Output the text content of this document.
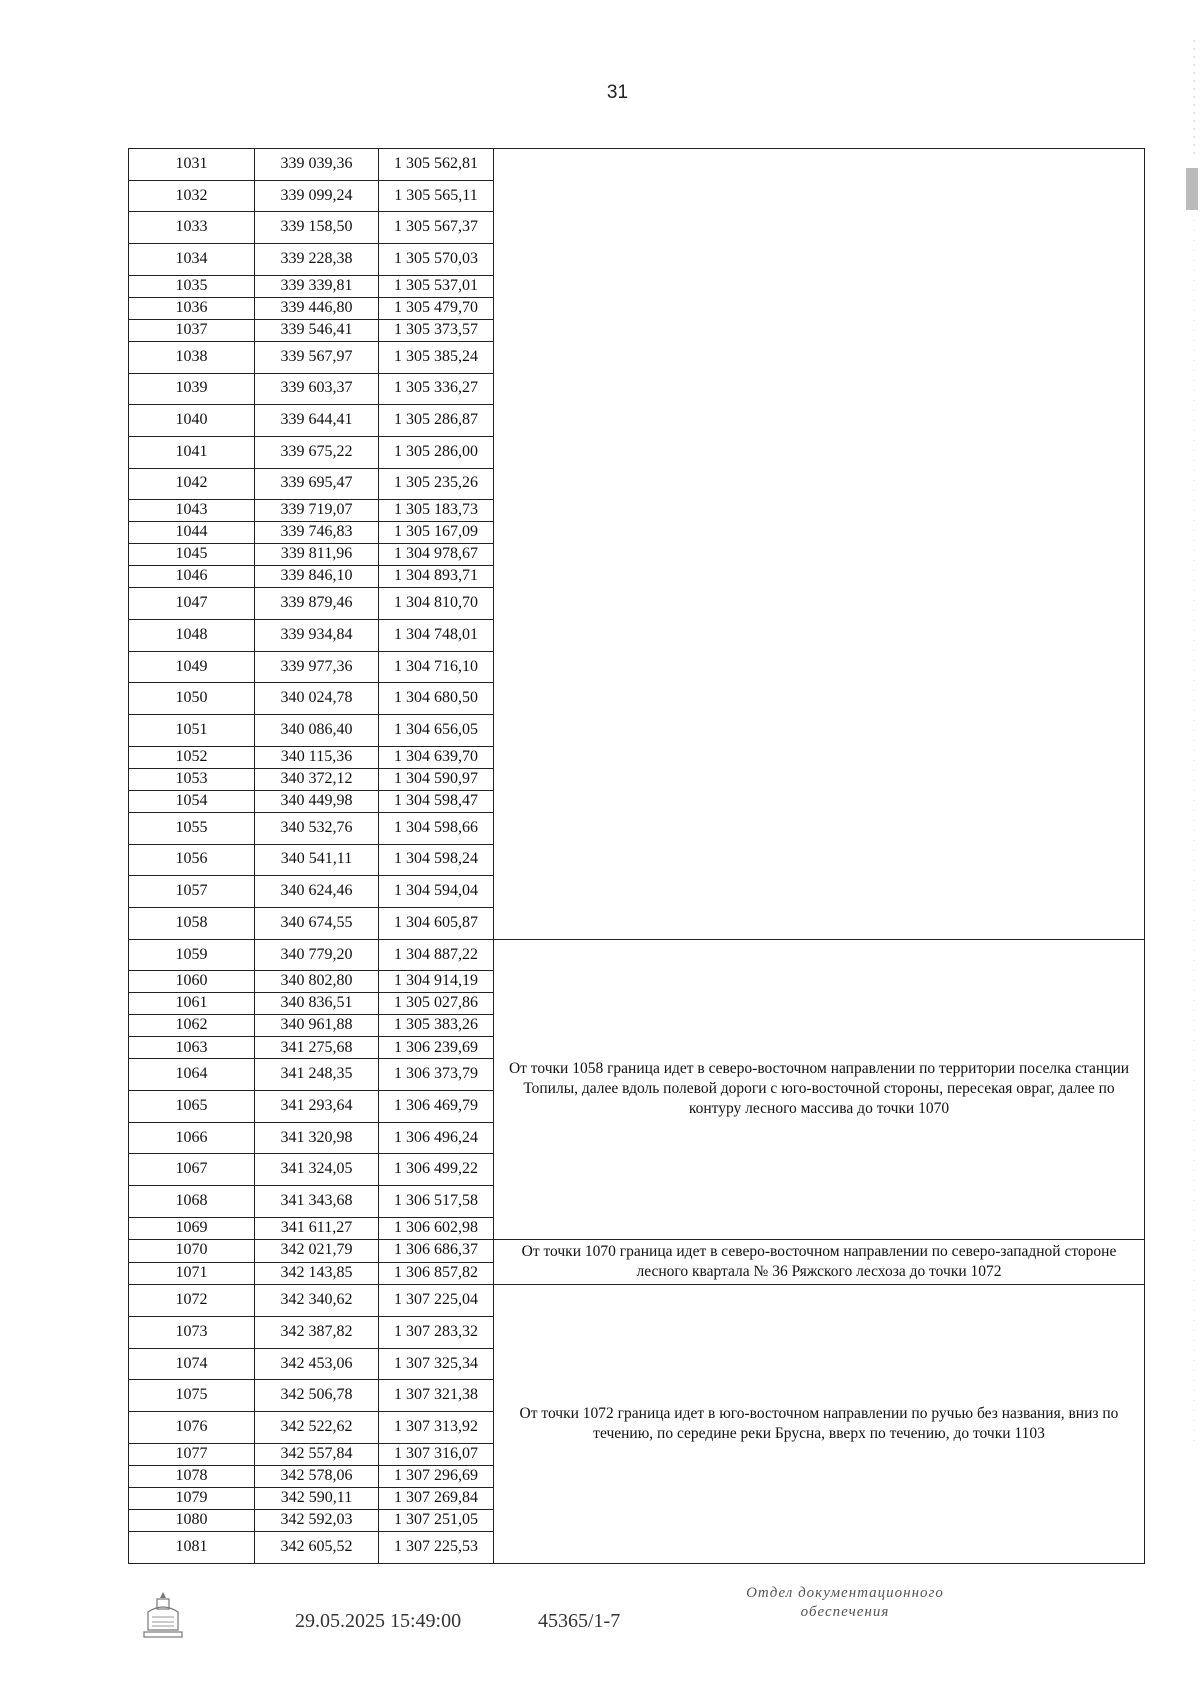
31
1031	339 039,36	1 305 562,81	
1032	339 099,24	1 305 565,11	
1033	339 158,50	1 305 567,37	
1034	339 228,38	1 305 570,03	
1035	339 339,81	1 305 537,01	
1036	339 446,80	1 305 479,70	
1037	339 546,41	1 305 373,57	
1038	339 567,97	1 305 385,24	
1039	339 603,37	1 305 336,27	
1040	339 644,41	1 305 286,87	
1041	339 675,22	1 305 286,00	
1042	339 695,47	1 305 235,26	
1043	339 719,07	1 305 183,73	
1044	339 746,83	1 305 167,09	
1045	339 811,96	1 304 978,67	
1046	339 846,10	1 304 893,71	
1047	339 879,46	1 304 810,70	
1048	339 934,84	1 304 748,01	
1049	339 977,36	1 304 716,10	
1050	340 024,78	1 304 680,50	
1051	340 086,40	1 304 656,05	
1052	340 115,36	1 304 639,70	
1053	340 372,12	1 304 590,97	
1054	340 449,98	1 304 598,47	
1055	340 532,76	1 304 598,66	
1056	340 541,11	1 304 598,24	
1057	340 624,46	1 304 594,04	
1058	340 674,55	1 304 605,87	
1059	340 779,20	1 304 887,22	От точки 1058 граница идет в северо-восточном направлении по территории поселка станции Топилы, далее вдоль полевой дороги с юго-восточной стороны, пересекая овраг, далее по контуру лесного массива до точки 1070
1060	340 802,80	1 304 914,19	
1061	340 836,51	1 305 027,86	
1062	340 961,88	1 305 383,26	
1063	341 275,68	1 306 239,69	
1064	341 248,35	1 306 373,79	
1065	341 293,64	1 306 469,79	
1066	341 320,98	1 306 496,24	
1067	341 324,05	1 306 499,22	
1068	341 343,68	1 306 517,58	
1069	341 611,27	1 306 602,98	
1070	342 021,79	1 306 686,37	От точки 1070 граница идет в северо-восточном направлении по северо-западной стороне лесного квартала № 36 Ряжского лесхоза до точки 1072
1071	342 143,85	1 306 857,82	
1072	342 340,62	1 307 225,04	От точки 1072 граница идет в юго-восточном направлении по ручью без названия, вниз по течению, по середине реки Бруcна, вверх по течению, до точки 1103
1073	342 387,82	1 307 283,32	
1074	342 453,06	1 307 325,34	
1075	342 506,78	1 307 321,38	
1076	342 522,62	1 307 313,92	
1077	342 557,84	1 307 316,07	
1078	342 578,06	1 307 296,69	
1079	342 590,11	1 307 269,84	
1080	342 592,03	1 307 251,05	
1081	342 605,52	1 307 225,53	
29.05.2025 15:49:00	45365/1-7
Отдел документационного обеспечения
